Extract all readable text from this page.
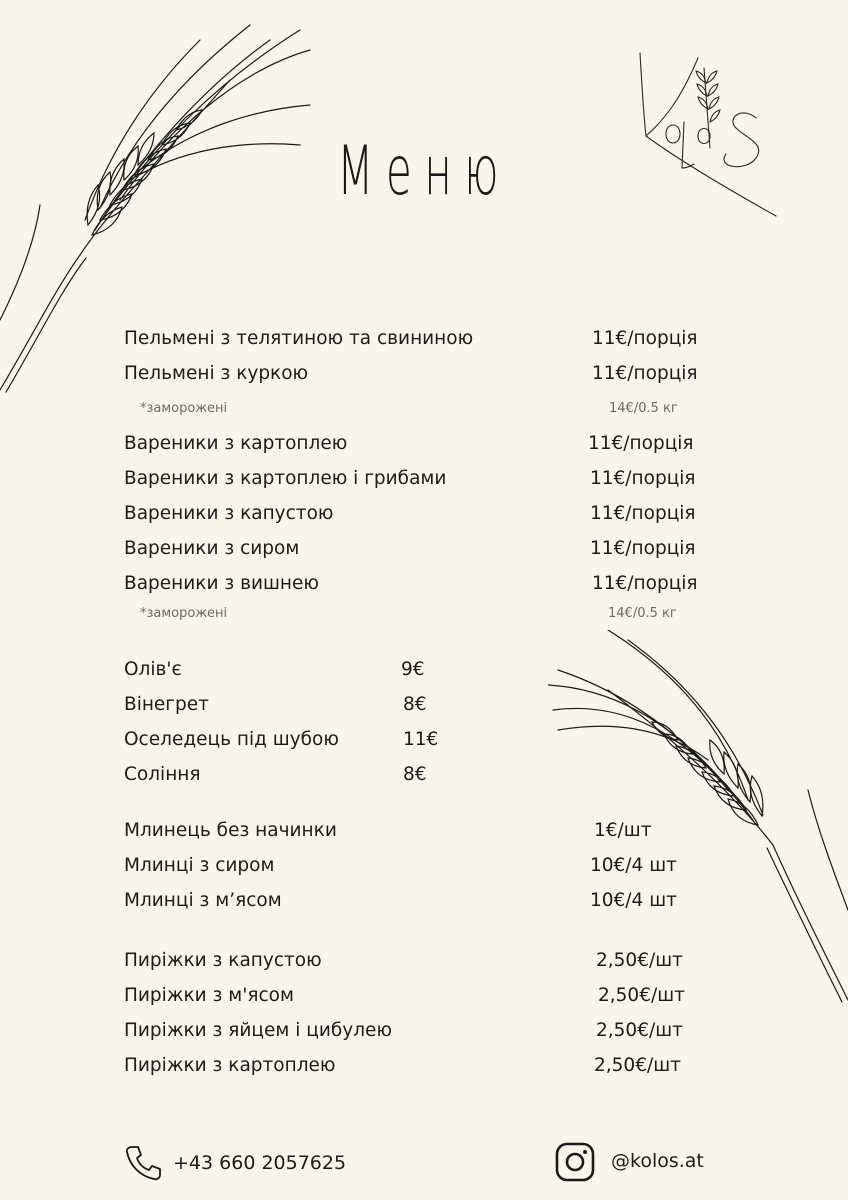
Меню
Пельмені з телятиною та свининою	11€/порція
Пельмені з куркою	11€/порція
*заморожені	14€/0.5 кг
Вареники з картоплею	11€/порція
Вареники з картоплею і грибами	11€/порція
Вареники з капустою	11€/порція
Вареники з сиром	11€/порція
Вареники з вишнею	11€/порція
*заморожені	14€/0.5 кг
Олів'є	9€
Вінегрет	8€
Оселедець під шубою	11€
Соління	8€
Млинець без начинки	1€/шт
Млинці з сиром	10€/4 шт
Млинці з м’ясом	10€/4 шт
Пиріжки з капустою	2,50€/шт
Пиріжки з м'ясом	2,50€/шт
Пиріжки з яйцем і цибулею	2,50€/шт
Пиріжки з картоплею	2,50€/шт
+43 660 2057625	@kolos.at
